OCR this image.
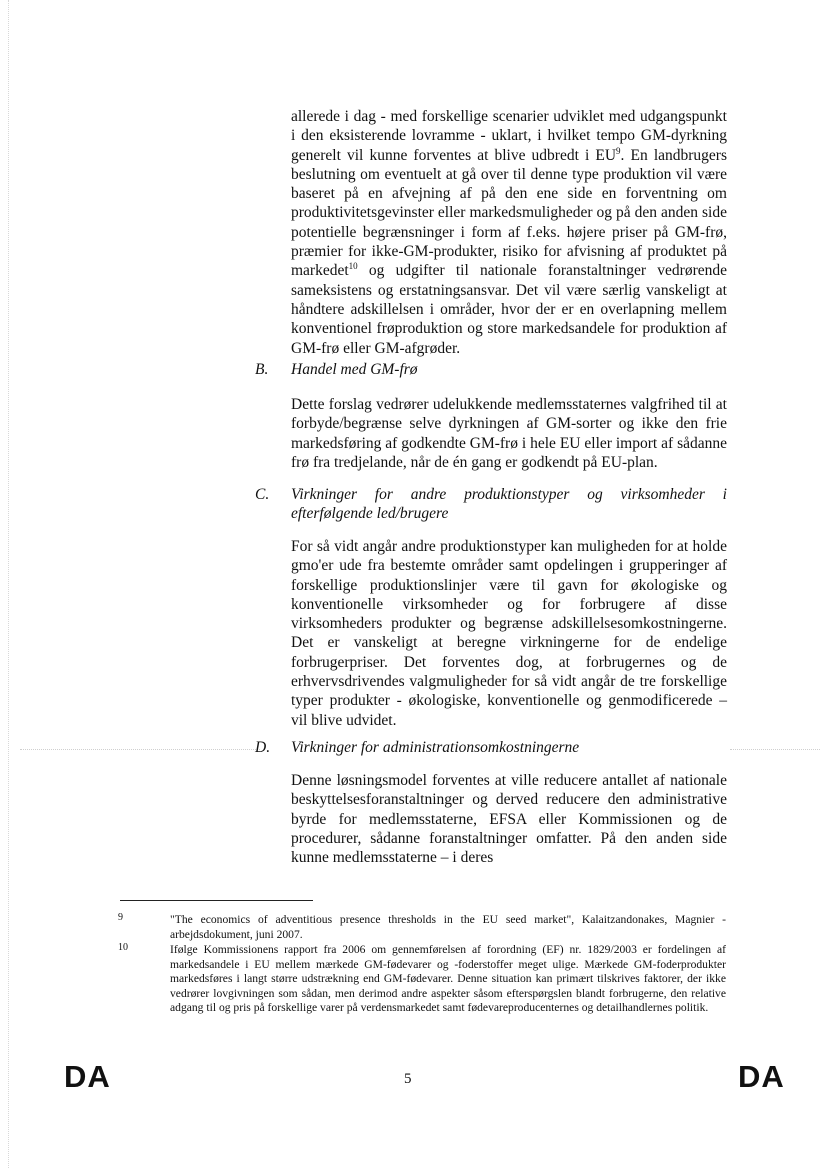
allerede i dag - med forskellige scenarier udviklet med udgangspunkt i den eksisterende lovramme - uklart, i hvilket tempo GM-dyrkning generelt vil kunne forventes at blive udbredt i $EU^9$. En landbrugers beslutning om eventuelt at gå over til denne type produktion vil være baseret på en afvejning af på den ene side en forventning om produktivitetsgevinster eller markedsmuligheder og på den anden side potentielle begrænsninger i form af f.eks. højere priser på GM-frø, præmier for ikke-GM-produkter, risiko for afvisning af produktet på markedet$^{10}$ og udgifter til nationale foranstaltninger vedrørende sameksistens og erstatningsansvar. Det vil være særlig vanskeligt at håndtere adskillelsen i områder, hvor der er en overlapning mellem konventionel frøproduktion og store markedsandele for produktion af GM-frø eller GM-afgrøder.

B. Handel med GM-frø

Dette forslag vedrører udelukkende medlemsstaternes valgfrihed til at forbyde/begrænse selve dyrkningen af GM-sorter og ikke den frie markedsføring af godkendte GM-frø i hele EU eller import af sådanne frø fra tredjelande, når de én gang er godkendt på EU-plan.

C. Virkninger for andre produktionstyper og virksomheder i efterfølgende led/brugere

For så vidt angår andre produktionstyper kan muligheden for at holde gmo'er ude fra bestemte områder samt opdelingen i grupperinger af forskellige produktionslinjer være til gavn for økologiske og konventionelle virksomheder og for forbrugere af disse virksomheders produkter og begrænse adskillelsesomkostningerne. Det er vanskeligt at beregne virkningerne for de endelige forbrugerpriser. Det forventes dog, at forbrugernes og de erhvervsdrivendes valgmuligheder for så vidt angår de tre forskellige typer produkter - økologiske, konventionelle og genmodificerede – vil blive udvidet.

D. Virkninger for administrationsomkostningerne

Denne løsningsmodel forventes at ville reducere antallet af nationale beskyttelsesforanstaltninger og derved reducere den administrative byrde for medlemsstaterne, EFSA eller Kommissionen og de procedurer, sådanne foranstaltninger omfatter. På den anden side kunne medlemsstaterne – i deres

9	"The economics of adventitious presence thresholds in the EU seed market", Kalaitzandonakes, Magnier - arbejdsdokument, juni 2007.

10	Ifølge Kommissionens rapport fra 2006 om gennemførelsen af forordning (EF) nr. 1829/2003 er fordelingen af markedsandele i EU mellem mærkede GM-fødevarer og -foderstoffer meget ulige. Mærkede GM-foderprodukter markedsføres i langt større udstrækning end GM-fødevarer. Denne situation kan primært tilskrives faktorer, der ikke vedrører lovgivningen som sådan, men derimod andre aspekter såsom efterspørgslen blandt forbrugerne, den relative adgang til og pris på forskellige varer på verdensmarkedet samt fødevareproducenternes og detailhandlernes politik.

DA	5	DA
